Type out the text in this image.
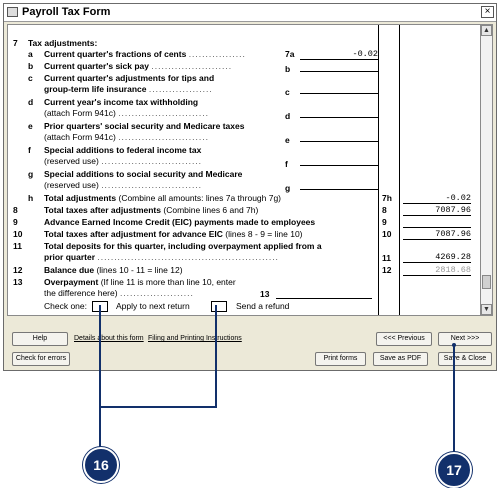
Payroll Tax Form	×
7 Tax adjustments:
a Current quarter's fractions of cents .................	7a	-0.02
b Current quarter's sick pay ........................	b
c Current quarter's adjustments for tips and
group-term life insurance ...................	c
d Current year's income tax withholding
(attach Form 941c) ...........................	d
e Prior quarters' social security and Medicare taxes
(attach Form 941c) ...........................	e
f Special additions to federal income tax
(reserved use) ..............................	f
g Special additions to social security and Medicare
(reserved use) ..............................	g
h Total adjustments (Combine all amounts: lines 7a through 7g)	7h	-0.02
8	Total taxes after adjustments (Combine lines 6 and 7h)	8	7087.96
9	Advance Earned Income Credit (EIC) payments made to employees	9
10	Total taxes after adjustment for advance EIC (lines 8 - 9 = line 10)	10	7087.96
11	Total deposits for this quarter, including overpayment applied from a
prior quarter ......................................................	11	4269.28
12	Balance due (lines 10 - 11 = line 12)	12	2818.68
13	Overpayment (If line 11 is more than line 10, enter
the difference here) ......................	13
Check one:	Apply to next return	Send a refund
▲
▼
Help	Details about this form Filing and Printing Instructions	<<< Previous	Next >>>
Check for errors	Print forms	Save as PDF	Save & Close
16	17
